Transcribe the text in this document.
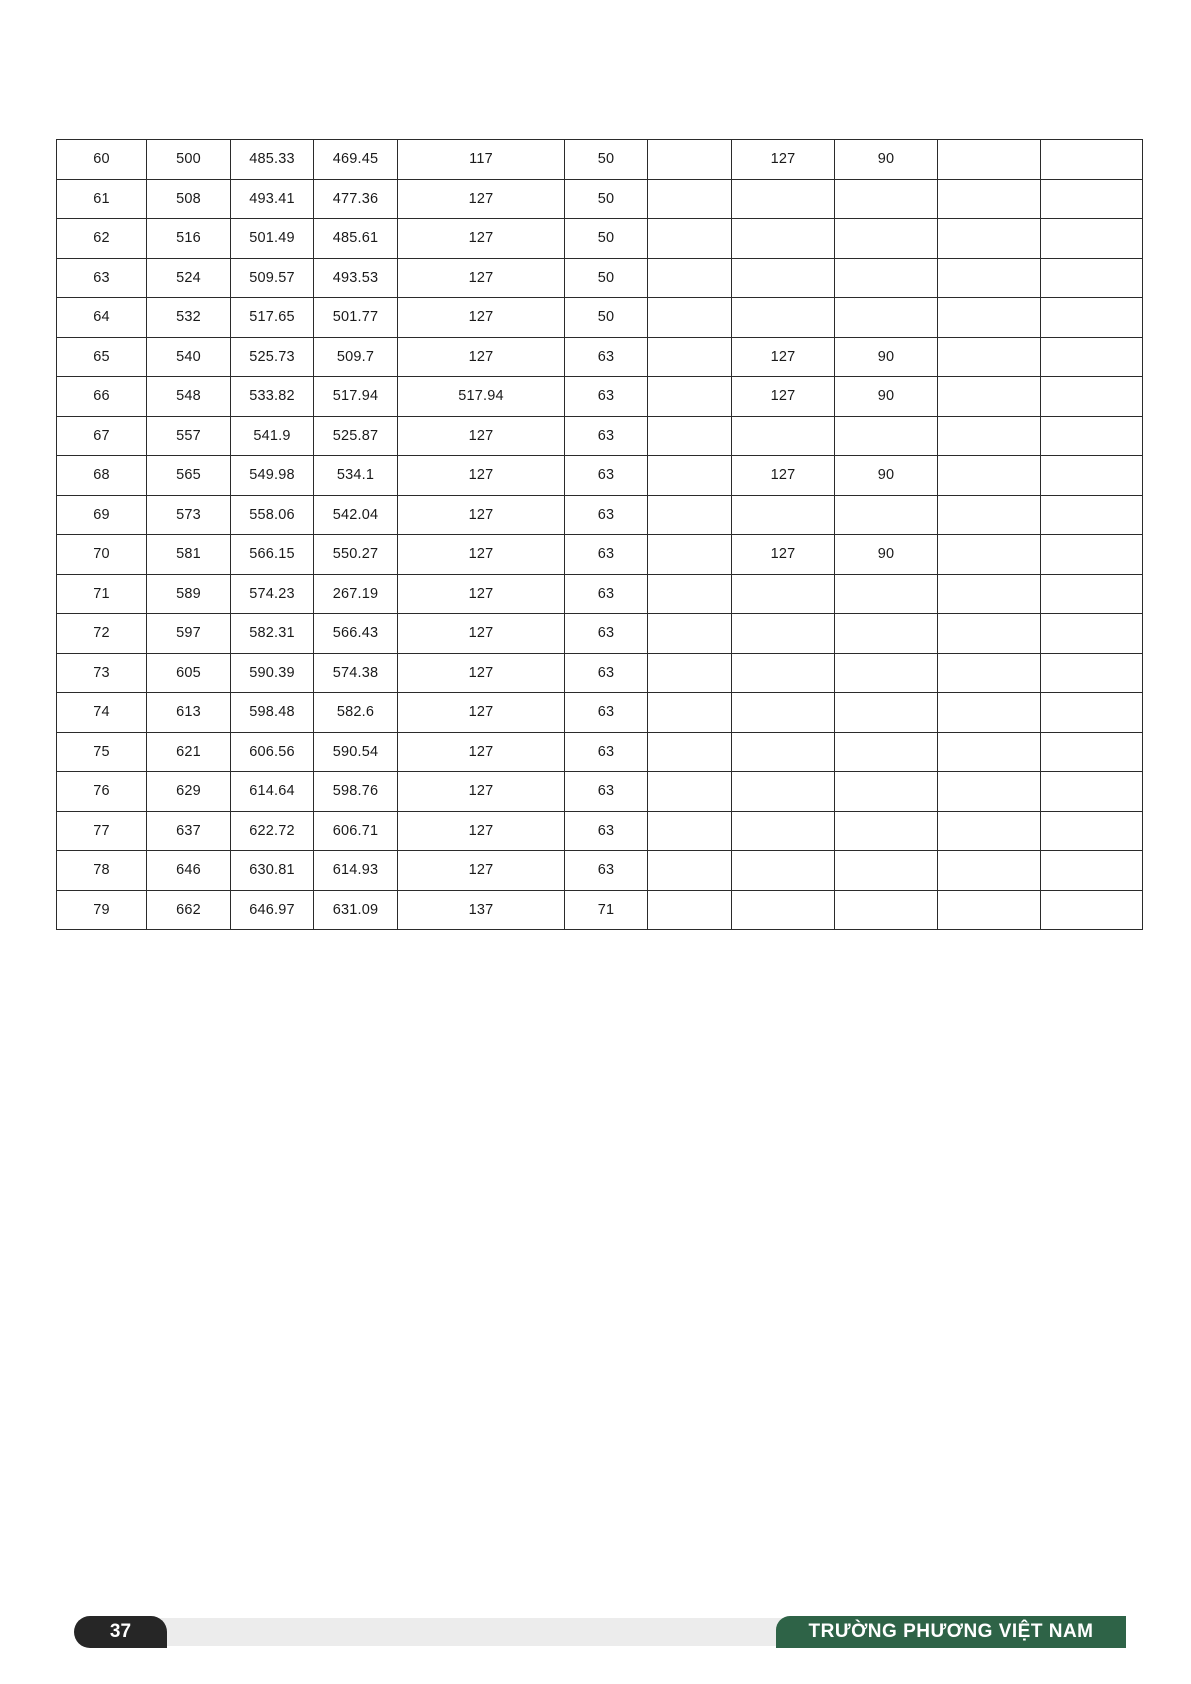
60	500	485.33	469.45	117	50		127	90		
61	508	493.41	477.36	127	50					
62	516	501.49	485.61	127	50					
63	524	509.57	493.53	127	50					
64	532	517.65	501.77	127	50					
65	540	525.73	509.7	127	63		127	90		
66	548	533.82	517.94	517.94	63		127	90		
67	557	541.9	525.87	127	63					
68	565	549.98	534.1	127	63		127	90		
69	573	558.06	542.04	127	63					
70	581	566.15	550.27	127	63		127	90		
71	589	574.23	267.19	127	63					
72	597	582.31	566.43	127	63					
73	605	590.39	574.38	127	63					
74	613	598.48	582.6	127	63					
75	621	606.56	590.54	127	63					
76	629	614.64	598.76	127	63					
77	637	622.72	606.71	127	63					
78	646	630.81	614.93	127	63					
79	662	646.97	631.09	137	71					
37	TRƯỜNG PHƯƠNG VIỆT NAM
